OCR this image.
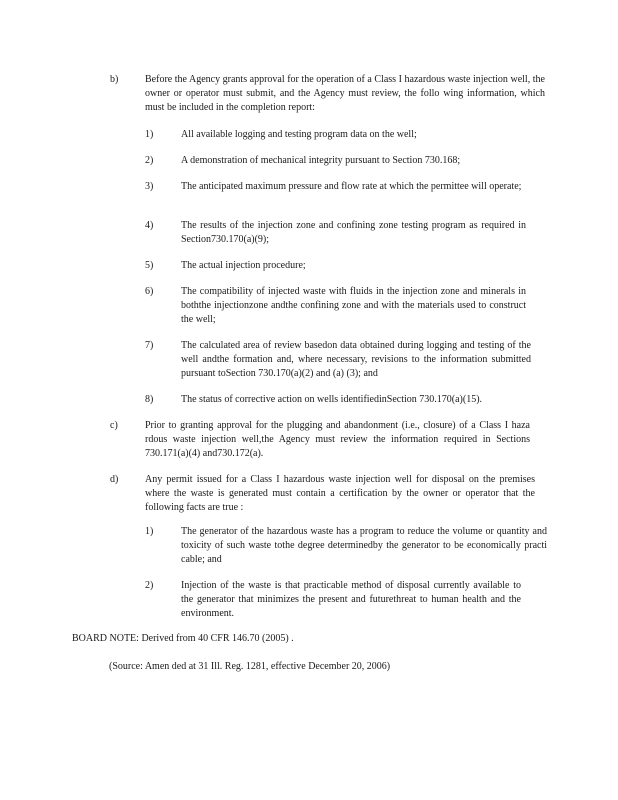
b)	Before the Agency grants approval for the operation of a Class I hazardous waste injection well, the owner or operator must submit, and the Agency must review, the follo wing information, which must be included in the completion report:
1)	All available logging and testing program data on the well;
2)	A demonstration of mechanical integrity pursuant to Section 730.168;
3)	The anticipated maximum pressure and flow rate at which the permittee will operate;
4)	The results of the injection zone and confining zone testing program as required in Section730.170(a)(9);
5)	The actual injection procedure;
6)	The compatibility of injected waste with fluids in the injection zone and minerals in boththe injectionzone andthe confining zone and with the materials used to construct the well;
7)	The calculated area of review basedon data obtained during logging and testing of the well andthe formation and, where necessary, revisions to the information submitted pursuant toSection 730.170(a)(2) and (a) (3); and
8)	The status of corrective action on wells identifiedinSection 730.170(a)(15).
c)	Prior to granting approval for the plugging and abandonment (i.e., closure) of a Class I haza rdous waste injection well,the Agency must review the information required in Sections 730.171(a)(4) and730.172(a).
d)	Any permit issued for a Class I hazardous waste injection well for disposal on the premises where the waste is generated must contain a certification by the owner or operator that the following facts are true :
1)	The generator of the hazardous waste has a program to reduce the volume or quantity and toxicity of such waste tothe degree determinedby the generator to be economically practi cable; and
2)	Injection of the waste is that practicable method of disposal currently available to the generator that minimizes the present and futurethreat to human health and the environment.
BOARD NOTE: Derived from 40 CFR 146.70 (2005) .
(Source: Amen ded at 31 Ill. Reg. 1281, effective December 20, 2006)
